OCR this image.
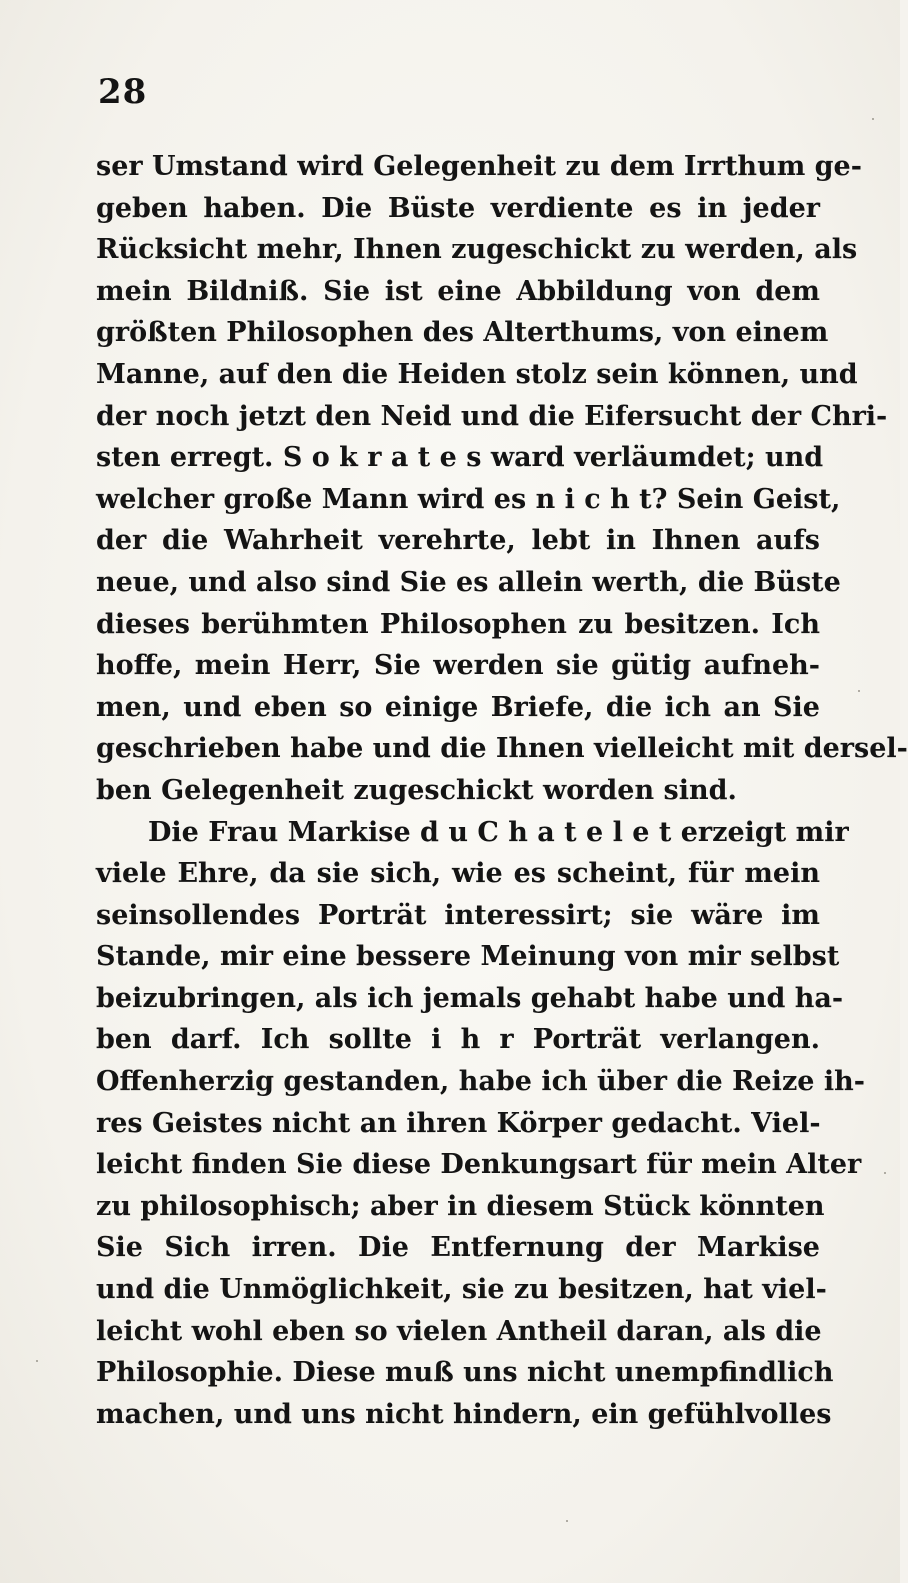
28
ser Umstand wird Gelegenheit zu dem Irrthum ge-
geben haben. Die Büste verdiente es in jeder
Rücksicht mehr, Ihnen zugeschickt zu werden, als
mein Bildniß. Sie ist eine Abbildung von dem
größten Philosophen des Alterthums, von einem
Manne, auf den die Heiden stolz sein können, und
der noch jetzt den Neid und die Eifersucht der Chri-
sten erregt. S o k r a t e s ward verläumdet; und
welcher große Mann wird es n i c h t? Sein Geist,
der die Wahrheit verehrte, lebt in Ihnen aufs
neue, und also sind Sie es allein werth, die Büste
dieses berühmten Philosophen zu besitzen. Ich
hoffe, mein Herr, Sie werden sie gütig aufneh-
men, und eben so einige Briefe, die ich an Sie
geschrieben habe und die Ihnen vielleicht mit dersel-
ben Gelegenheit zugeschickt worden sind.
Die Frau Markise d u C h a t e l e t erzeigt mir
viele Ehre, da sie sich, wie es scheint, für mein
seinsollendes Porträt interessirt; sie wäre im
Stande, mir eine bessere Meinung von mir selbst
beizubringen, als ich jemals gehabt habe und ha-
ben darf. Ich sollte i h r Porträt verlangen.
Offenherzig gestanden, habe ich über die Reize ih-
res Geistes nicht an ihren Körper gedacht. Viel-
leicht finden Sie diese Denkungsart für mein Alter
zu philosophisch; aber in diesem Stück könnten
Sie Sich irren. Die Entfernung der Markise
und die Unmöglichkeit, sie zu besitzen, hat viel-
leicht wohl eben so vielen Antheil daran, als die
Philosophie. Diese muß uns nicht unempfindlich
machen, und uns nicht hindern, ein gefühlvolles
